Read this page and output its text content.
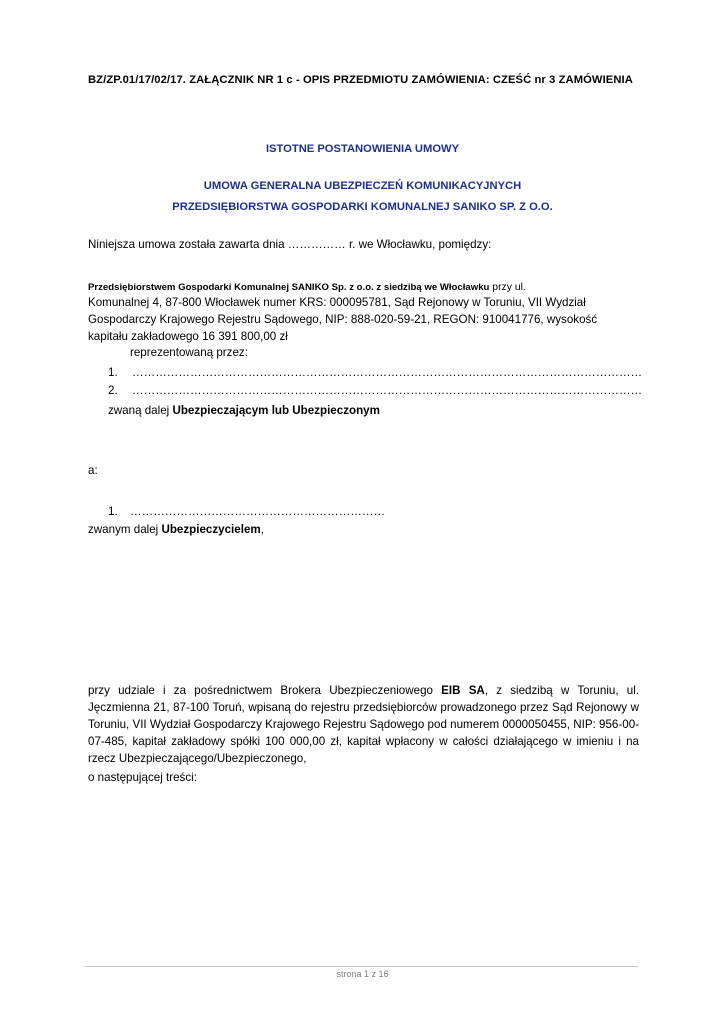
BZ/ZP.01/17/02/17. ZAŁĄCZNIK NR 1 c - OPIS PRZEDMIOTU ZAMÓWIENIA: CZEŚĆ nr 3 ZAMÓWIENIA
ISTOTNE POSTANOWIENIA UMOWY
UMOWA GENERALNA UBEZPIECZEŃ KOMUNIKACYJNYCH
PRZEDSIĘBIORSTWA GOSPODARKI KOMUNALNEJ SANIKO SP. Z O.O.
Niniejsza umowa została zawarta dnia …………… r. we Włocławku, pomiędzy:
Przedsiębiorstwem Gospodarki Komunalnej SANIKO Sp. z o.o. z siedzibą we Włocławku przy ul.
Komunalnej 4, 87-800 Włocławek numer KRS: 000095781, Sąd Rejonowy w Toruniu, VII Wydział
Gospodarczy Krajowego Rejestru Sądowego, NIP: 888-020-59-21, REGON: 910041776, wysokość
kapitału zakładowego 16 391 800,00 zł
reprezentowaną przez:
1. ……………………………………………………………………………………………………………………
2. ……………………………………………………………………………………………………………………
zwaną dalej Ubezpieczającym lub Ubezpieczonym
a:
1. …………………………………………………………
zwanym dalej Ubezpieczycielem,
przy udziale i za pośrednictwem Brokera Ubezpieczeniowego EIB SA, z siedzibą w Toruniu, ul. Jęczmienna 21, 87-100 Toruń, wpisaną do rejestru przedsiębiorców prowadzonego przez Sąd Rejonowy w Toruniu, VII Wydział Gospodarczy Krajowego Rejestru Sądowego pod numerem 0000050455, NIP: 956-00-07-485, kapitał zakładowy spółki 100 000,00 zł, kapitał wpłacony w całości działającego w imieniu i na rzecz Ubezpieczającego/Ubezpieczonego,
o następującej treści:
strona 1 z 16
